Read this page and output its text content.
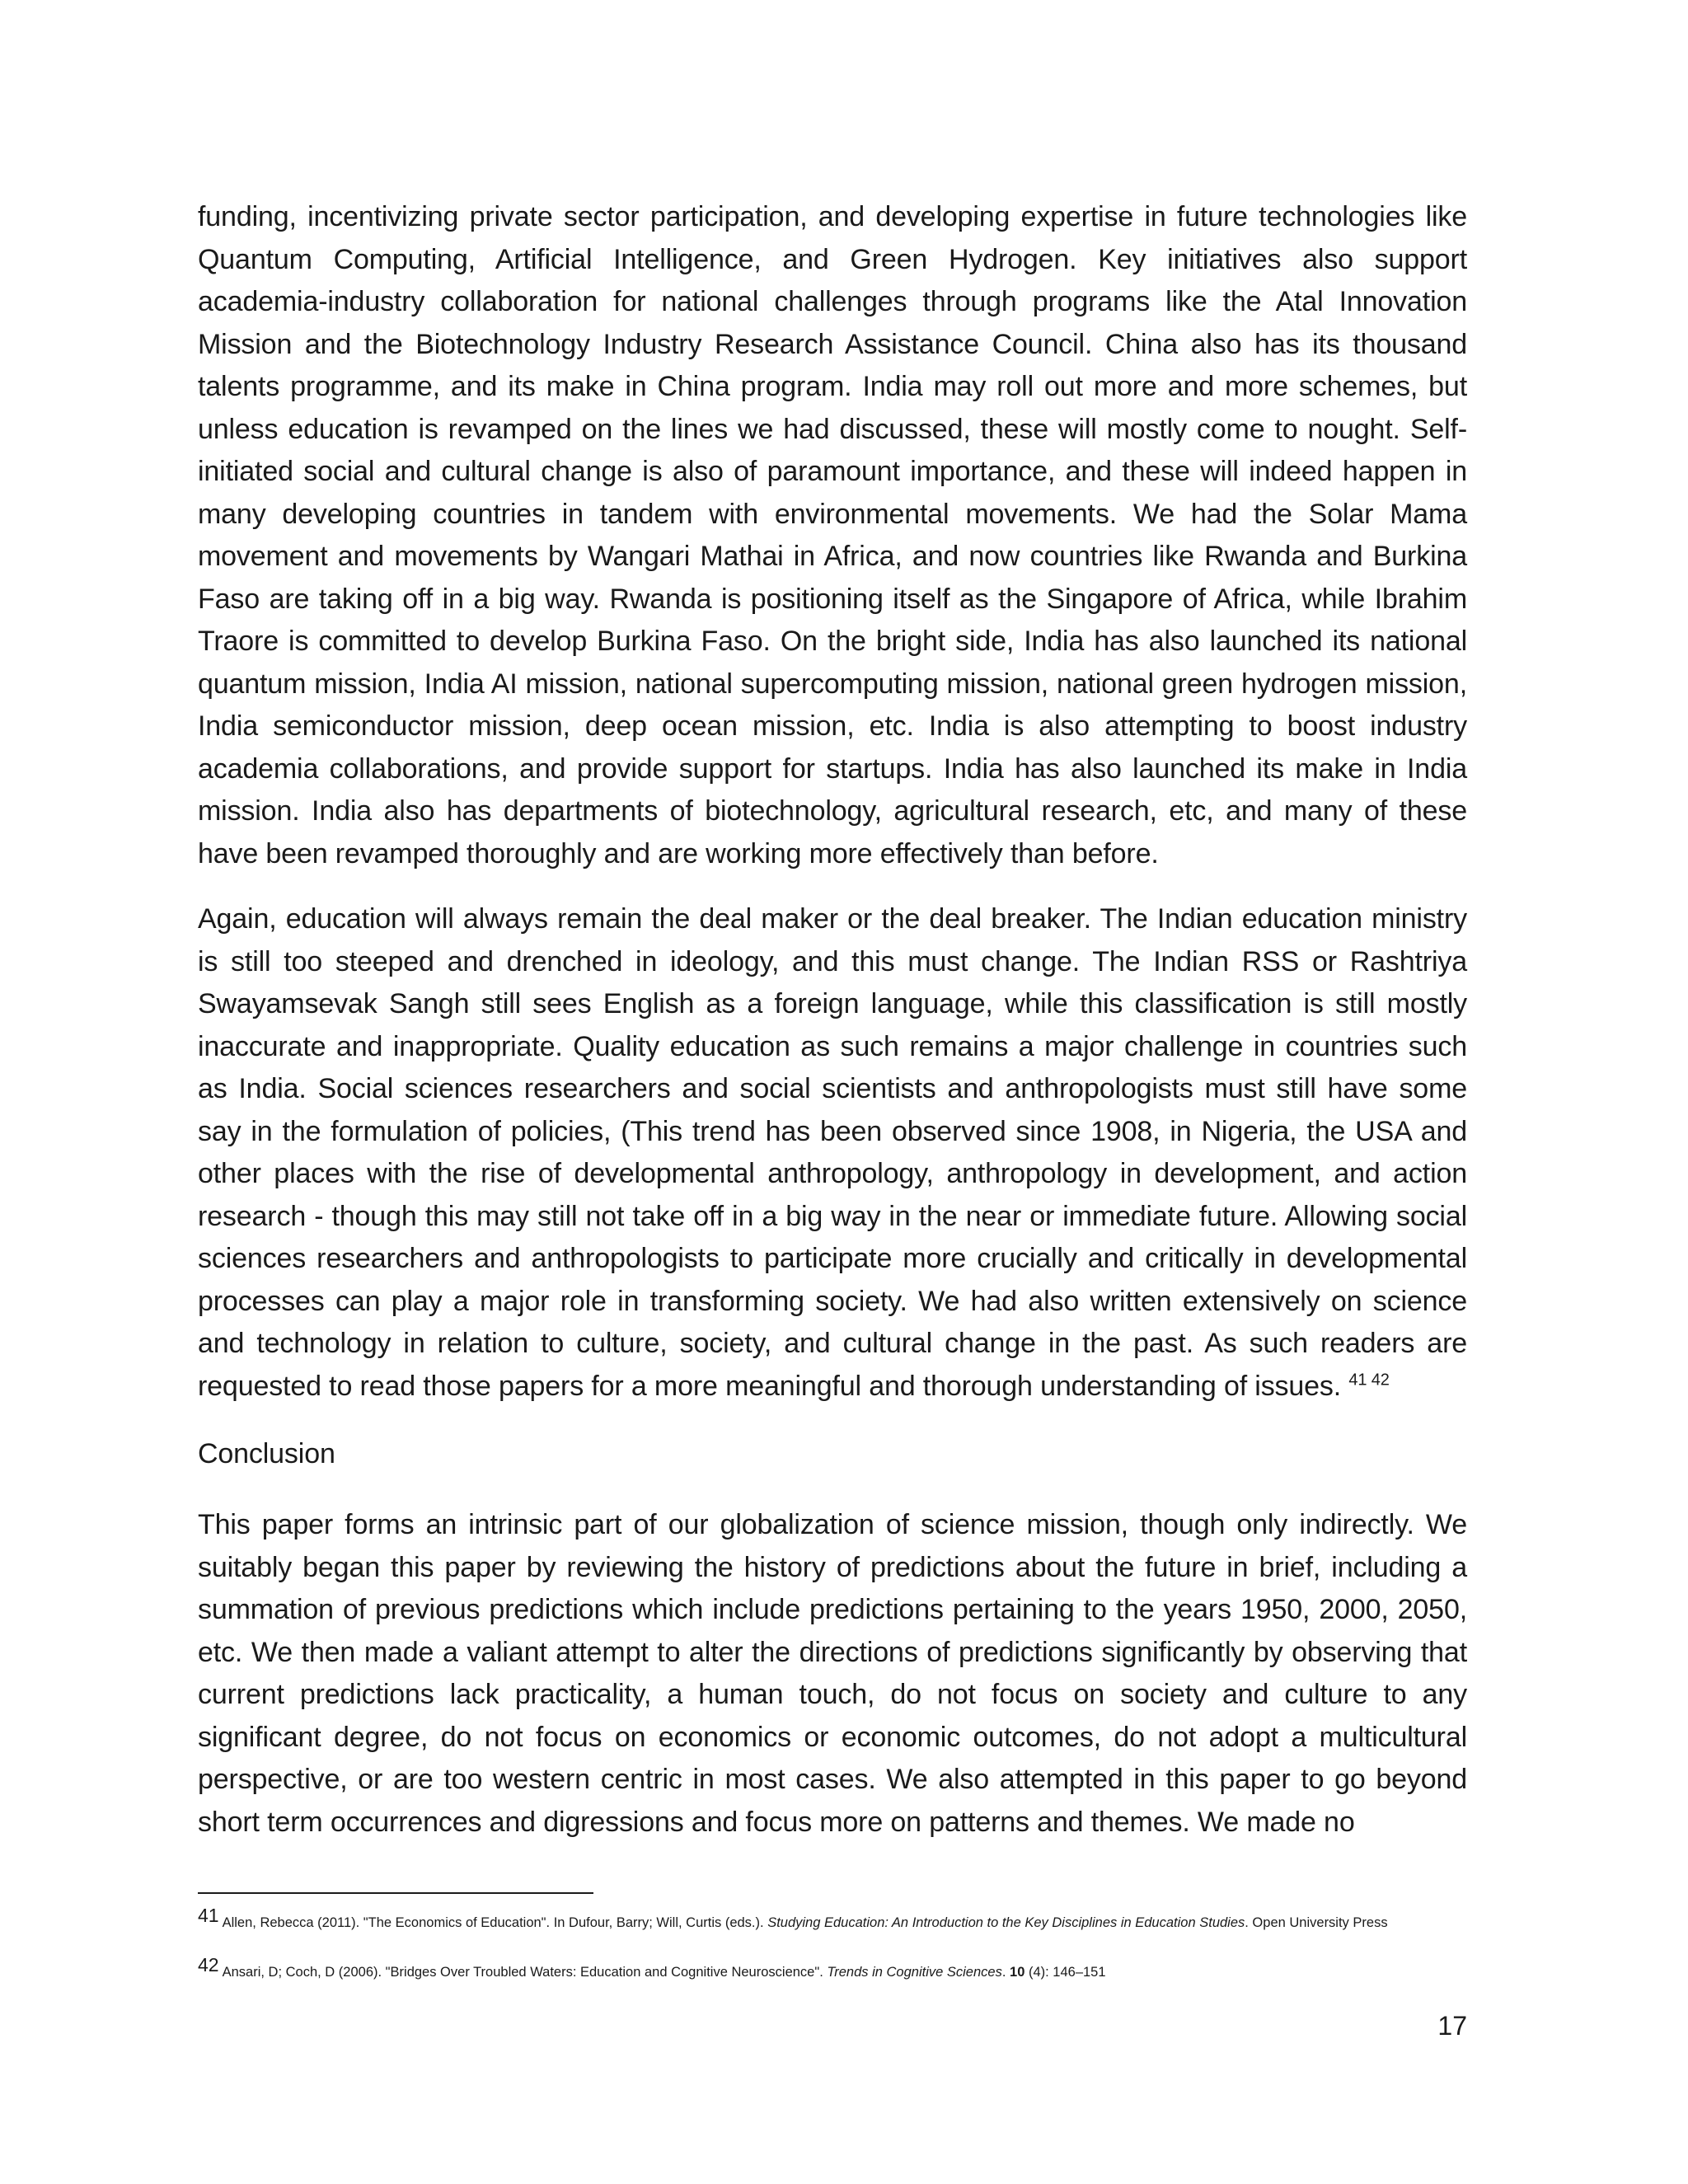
funding, incentivizing private sector participation, and developing expertise in future technologies like Quantum Computing, Artificial Intelligence, and Green Hydrogen. Key initiatives also support academia-industry collaboration for national challenges through programs like the Atal Innovation Mission and the Biotechnology Industry Research Assistance Council. China also has its thousand talents programme, and its make in China program. India may roll out more and more schemes, but unless education is revamped on the lines we had discussed, these will mostly come to nought. Self-initiated social and cultural change is also of paramount importance, and these will indeed happen in many developing countries in tandem with environmental movements. We had the Solar Mama movement and movements by Wangari Mathai in Africa, and now countries like Rwanda and Burkina Faso are taking off in a big way. Rwanda is positioning itself as the Singapore of Africa, while Ibrahim Traore is committed to develop Burkina Faso. On the bright side, India has also launched its national quantum mission, India AI mission, national supercomputing mission, national green hydrogen mission, India semiconductor mission, deep ocean mission, etc. India is also attempting to boost industry academia collaborations, and provide support for startups. India has also launched its make in India mission. India also has departments of biotechnology, agricultural research, etc, and many of these have been revamped thoroughly and are working more effectively than before.

Again, education will always remain the deal maker or the deal breaker. The Indian education ministry is still too steeped and drenched in ideology, and this must change. The Indian RSS or Rashtriya Swayamsevak Sangh still sees English as a foreign language, while this classification is still mostly inaccurate and inappropriate. Quality education as such remains a major challenge in countries such as India. Social sciences researchers and social scientists and anthropologists must still have some say in the formulation of policies, (This trend has been observed since 1908, in Nigeria, the USA and other places with the rise of developmental anthropology, anthropology in development, and action research - though this may still not take off in a big way in the near or immediate future. Allowing social sciences researchers and anthropologists to participate more crucially and critically in developmental processes can play a major role in transforming society. We had also written extensively on science and technology in relation to culture, society, and cultural change in the past. As such readers are requested to read those papers for a more meaningful and thorough understanding of issues. $^{41 42}$

Conclusion

This paper forms an intrinsic part of our globalization of science mission, though only indirectly. We suitably began this paper by reviewing the history of predictions about the future in brief, including a summation of previous predictions which include predictions pertaining to the years 1950, 2000, 2050, etc. We then made a valiant attempt to alter the directions of predictions significantly by observing that current predictions lack practicality, a human touch, do not focus on society and culture to any significant degree, do not focus on economics or economic outcomes, do not adopt a multicultural perspective, or are too western centric in most cases. We also attempted in this paper to go beyond short term occurrences and digressions and focus more on patterns and themes. We made no

41 Allen, Rebecca (2011). "The Economics of Education". In Dufour, Barry; Will, Curtis (eds.). Studying Education: An Introduction to the Key Disciplines in Education Studies. Open University Press

42 Ansari, D; Coch, D (2006). "Bridges Over Troubled Waters: Education and Cognitive Neuroscience". Trends in Cognitive Sciences. 10 (4): 146–151

17
